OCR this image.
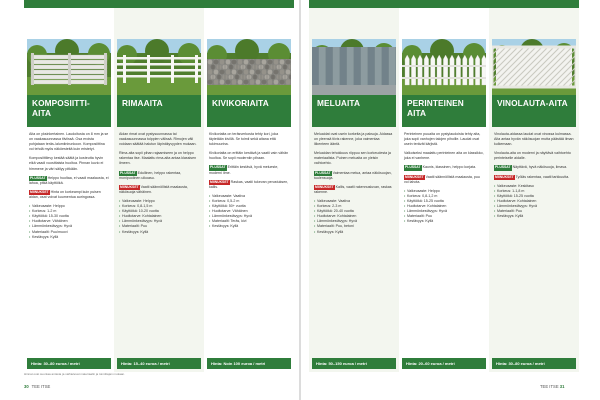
KOMPOSIITTI-AITA

Aita on yksinkertainen. Laudoitusta on 8 mm ja se on vaakasuunnassa tiiviissä. Osa eroista pohjataan teräs-/alumiinirunkoon. Komposiittina voi tehdä myös näköesteitä kuin eristetyt.

Komposiittilevy kestää säätä ja kosteutta hyvin eikä vaadi vuosittaista huoltoa. Pinnan kuvio ei himmene ja väri säilyy pitkään.

PLUSSAT Helppo huoltaa, ei vaadi maalausta, ei lahoa, pitkä käyttöikä.

MIINUKSET Hinta on korkeampi kuin puisen aidan, osat voivat kuumentua auringossa.

• Vaikeusaste: Helppo
• Korkeus: 1-2 m
• Käyttöikä: 15-30 vuotta
• Huoltotarve: Vähäinen
• Lämmönkestävyys: Hyvä
• Materiaalit: Puu/muovi
• Kestävyys: Kyllä
Hinta: 30–80 euroa / metri
RIMAAITA

Aidan rimat ovat pystysuunnassa tai vaakasuunnassa tolppien välissä. Rimojen väli voidaan säätää halutun läpinäkyvyyden mukaan.

Rima-aita sopii pihan rajaamiseen ja on helppo rakentaa itse. Maalattu rima-aita antaa klassisen ilmeen.

PLUSSAT Edullinen, helppo rakentaa, monipuolinen ulkoasu.

MIINUKSET Vaatii säännöllistä maalausta, näkösuoja vähäinen.

• Vaikeusaste: Helppo
• Korkeus: 0,8-1,5 m
• Käyttöikä: 10-20 vuotta
• Huoltotarve: Kohtalainen
• Lämmönkestävyys: Hyvä
• Materiaalit: Puu
• Kestävyys: Kyllä
Hinta: 15–40 euroa / metri
KIVIKORIAITA

Kivikoriaita on teräsverkosta tehty kori, joka täytetään kivillä. Se toimii sekä aitana että tukimuurina.

Kivikoriaita on erittäin kestävä ja vaatii vain vähän huoltoa. Se sopii moderniin pihaan.

PLUSSAT Erittäin kestävä, hyvä melueste, moderni ilme.

MIINUKSET Raskas, vaatii tukevan perustuksen, kallis.

• Vaikeusaste: Vaativa
• Korkeus: 0,5-2 m
• Käyttöikä: 50+ vuotta
• Huoltotarve: Vähäinen
• Lämmönkestävyys: Hyvä
• Materiaalit: Teräs, kivi
• Kestävyys: Kyllä
Hinta: Noin 100 euroa / metri
MELUAITA

Meluaidat ovat usein korkeita ja paksuja. Aidassa on yleensä tiivis rakenne, joka vaimentaa liikenteen ääntä.

Meluaidan tehokkuus riippuu sen korkeudesta ja materiaalista. Puinen meluaita on yleisin vaihtoehto.

PLUSSAT Vaimentaa melua, antaa näkösuojan, tuulensuoja.

MIINUKSET Kallis, vaatii rakennusluvan, raskas rakenne.

• Vaikeusaste: Vaativa
• Korkeus: 2-3 m
• Käyttöikä: 20-40 vuotta
• Huoltotarve: Kohtalainen
• Lämmönkestävyys: Hyvä
• Materiaalit: Puu, betoni
• Kestävyys: Kyllä
Hinta: 50–150 euroa / metri
PERINTEINEN AITA

Perinteinen puuaita on pystylaudoista tehty aita, joka sopii vanhojen talojen pihoille. Laudat ovat usein terävät kärjistä.

Valkoiseksi maalattu perinteinen aita on klassikko, joka ei vanhene.

PLUSSAT Kaunis, klassinen, helppo korjata.

MIINUKSET Vaatii säännöllistä maalausta, puu voi lahota.

• Vaikeusaste: Helppo
• Korkeus: 0,8-1,2 m
• Käyttöikä: 15-25 vuotta
• Huoltotarve: Kohtalainen
• Lämmönkestävyys: Hyvä
• Materiaalit: Puu
• Kestävyys: Kyllä
Hinta: 20–60 euroa / metri
VINOLAUTA-AITA

Vinolauta-aidassa laudat ovat vinossa kulmassa. Aita antaa hyvän näkösuojan mutta päästää ilman kulkemaan.

Vinolauta-aita on moderni ja näyttävä vaihtoehto perinteiselle aidalle.

PLUSSAT Näyttävä, hyvä näkösuoja, ilmava.

MIINUKSET Työläs rakentaa, vaatii tarkkuutta.

• Vaikeusaste: Keskitaso
• Korkeus: 1-1,8 m
• Käyttöikä: 15-25 vuotta
• Huoltotarve: Kohtalainen
• Lämmönkestävyys: Hyvä
• Materiaalit: Puu
• Kestävyys: Kyllä
Hinta: 30–80 euroa / metri
Hinnat ovat suuntaa antavia ja vaihtelevat materiaalin ja toimittajan mukaan.
30 TEE ITSE	TEE ITSE 31
